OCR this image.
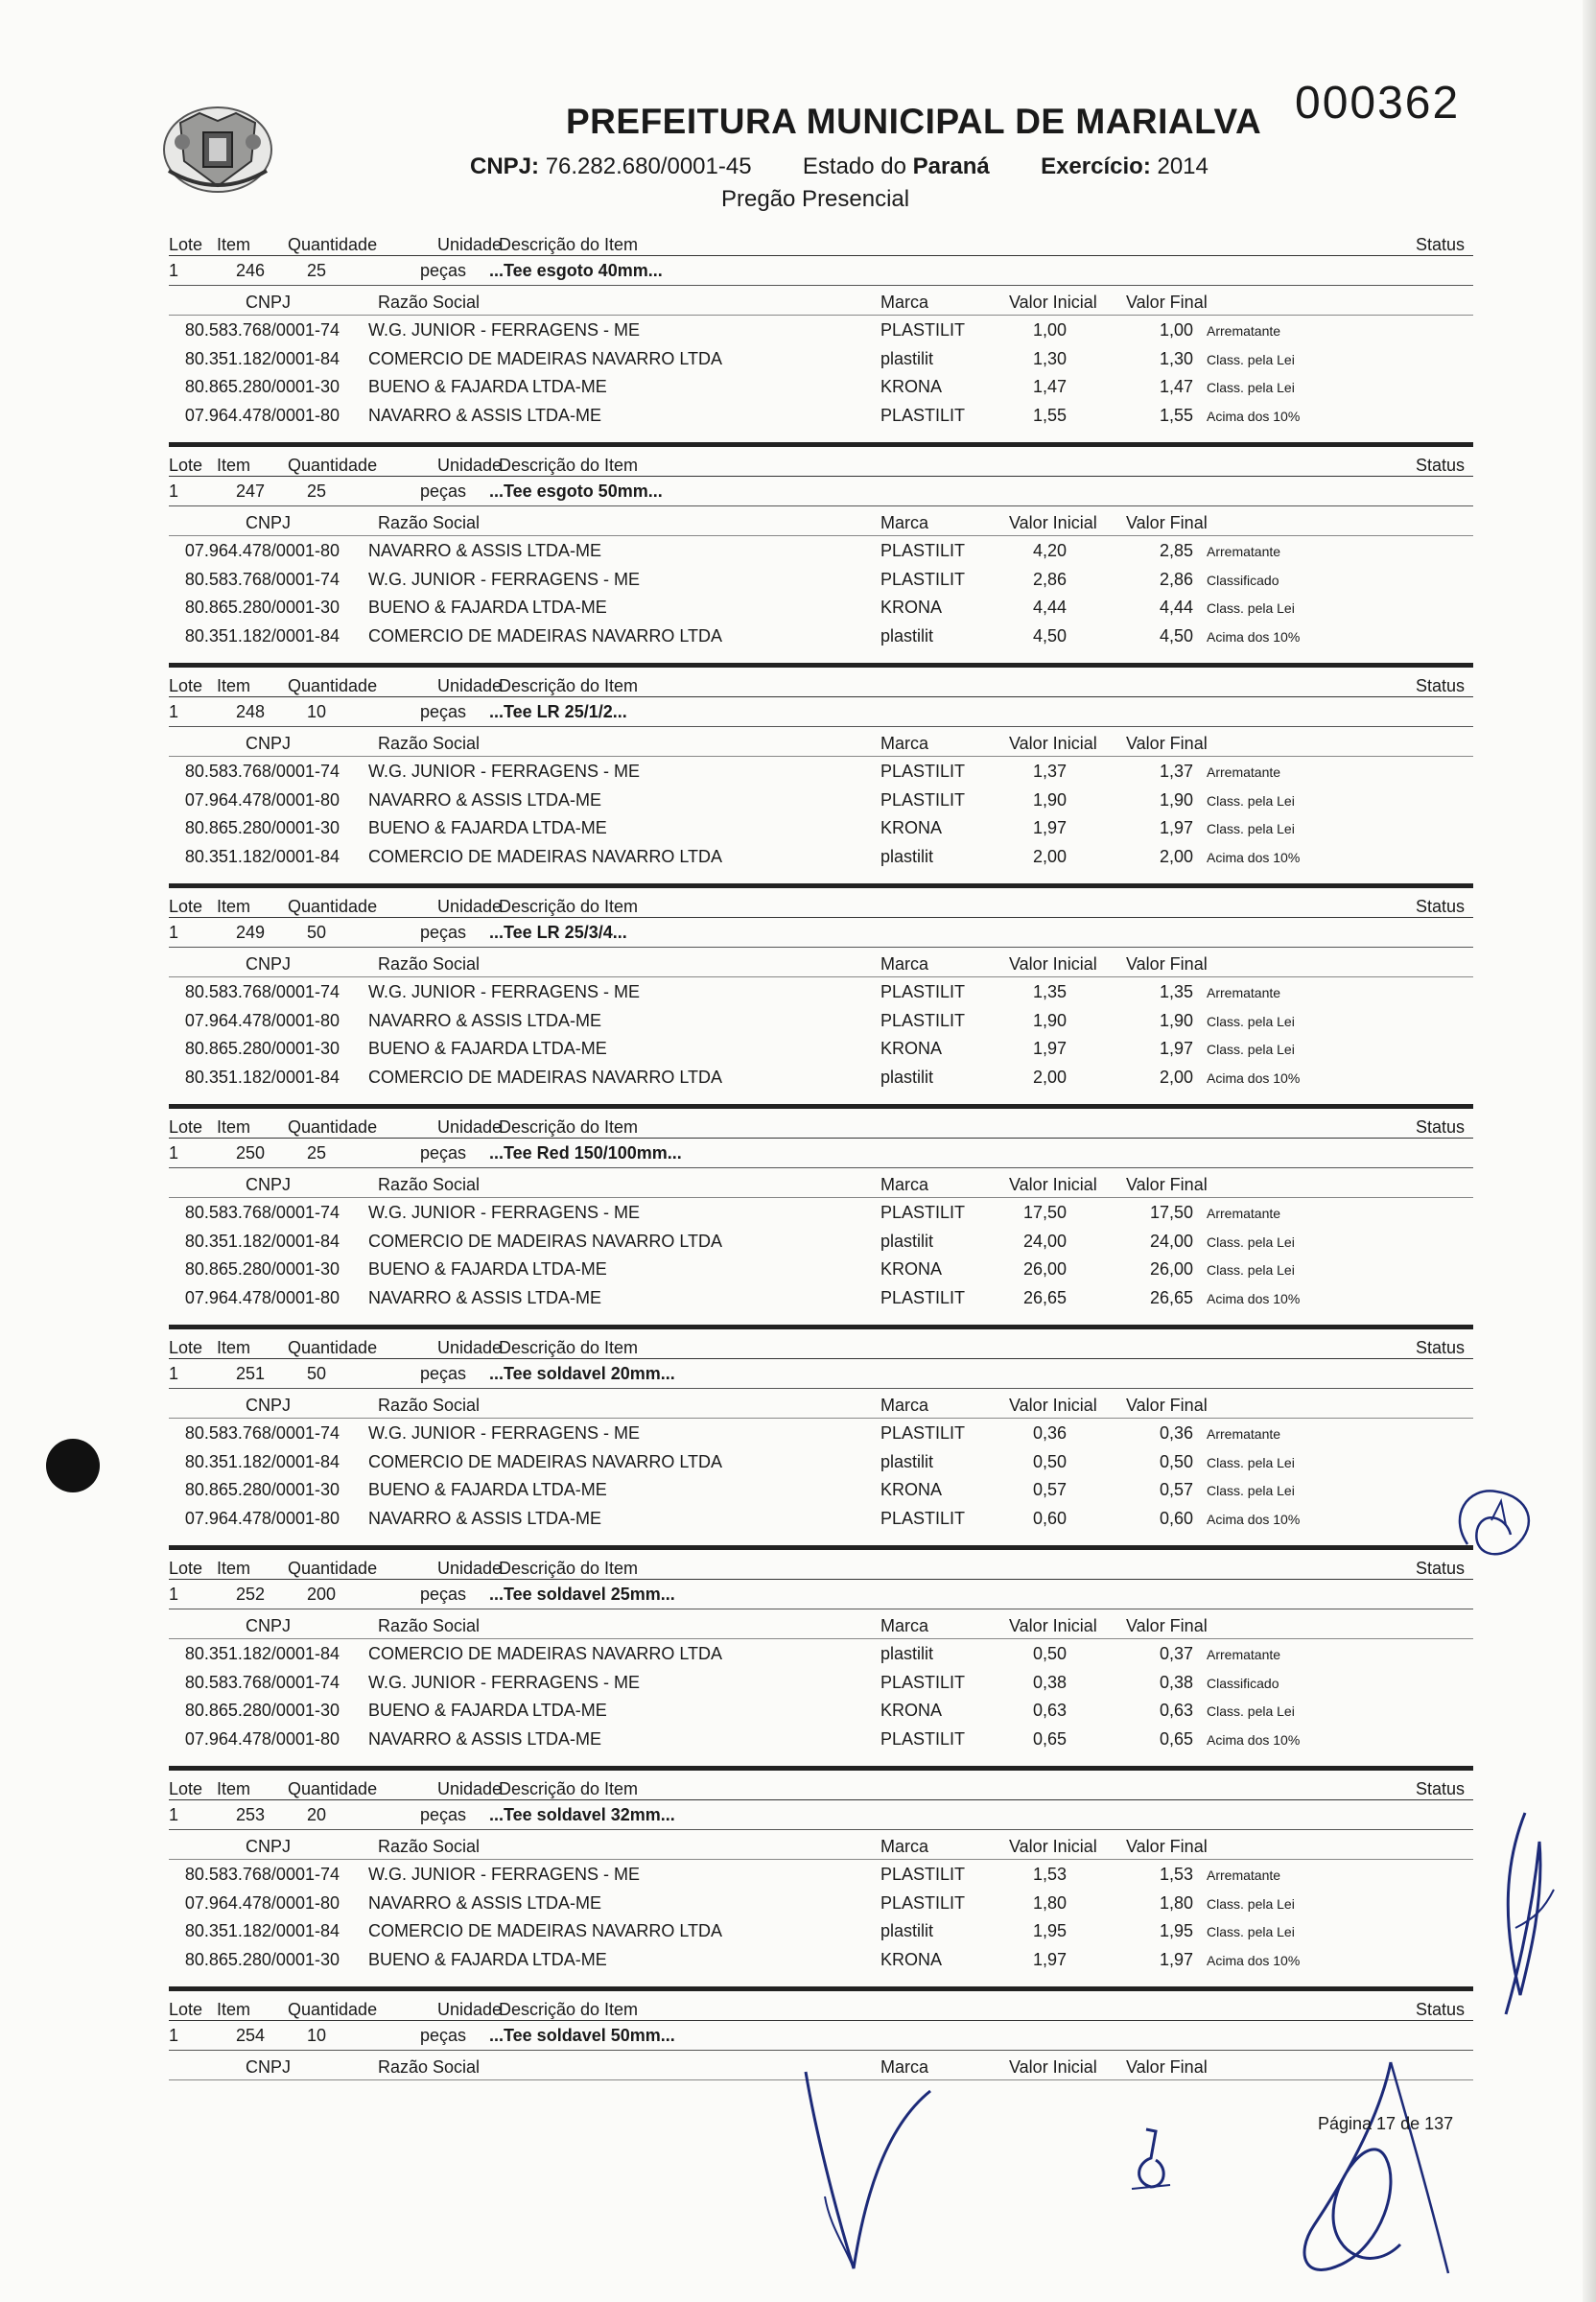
PREFEITURA MUNICIPAL DE MARIALVA
CNPJ: 76.282.680/0001-45 Estado do Paraná Exercício: 2014
Pregão Presencial
000362
Lote Item Quantidade	Unidade
Descrição do Item	Status
1	246 25	peças ...Tee esgoto 40mm...
CNPJ	Razão Social	Marca	Valor Inicial Valor Final
80.583.768/0001-74 W.G. JUNIOR - FERRAGENS - ME	PLASTILIT	1,00	1,00 Arrematante
80.351.182/0001-84 COMERCIO DE MADEIRAS NAVARRO LTDA	plastilit	1,30	1,30 Class. pela Lei
80.865.280/0001-30 BUENO & FAJARDA LTDA-ME	KRONA	1,47	1,47 Class. pela Lei
07.964.478/0001-80 NAVARRO & ASSIS LTDA-ME	PLASTILIT	1,55	1,55 Acima dos 10%
Lote Item Quantidade	Unidade
Descrição do Item	Status
1	247 25	peças ...Tee esgoto 50mm...
CNPJ	Razão Social	Marca	Valor Inicial Valor Final
07.964.478/0001-80 NAVARRO & ASSIS LTDA-ME	PLASTILIT	4,20	2,85 Arrematante
80.583.768/0001-74 W.G. JUNIOR - FERRAGENS - ME	PLASTILIT	2,86	2,86 Classificado
80.865.280/0001-30 BUENO & FAJARDA LTDA-ME	KRONA	4,44	4,44 Class. pela Lei
80.351.182/0001-84 COMERCIO DE MADEIRAS NAVARRO LTDA	plastilit	4,50	4,50 Acima dos 10%
Lote Item Quantidade	Unidade
Descrição do Item	Status
1	248 10	peças ...Tee LR 25/1/2...
CNPJ	Razão Social	Marca	Valor Inicial Valor Final
80.583.768/0001-74 W.G. JUNIOR - FERRAGENS - ME	PLASTILIT	1,37	1,37 Arrematante
07.964.478/0001-80 NAVARRO & ASSIS LTDA-ME	PLASTILIT	1,90	1,90 Class. pela Lei
80.865.280/0001-30 BUENO & FAJARDA LTDA-ME	KRONA	1,97	1,97 Class. pela Lei
80.351.182/0001-84 COMERCIO DE MADEIRAS NAVARRO LTDA	plastilit	2,00	2,00 Acima dos 10%
Lote Item Quantidade	Unidade
Descrição do Item	Status
1	249 50	peças ...Tee LR 25/3/4...
CNPJ	Razão Social	Marca	Valor Inicial Valor Final
80.583.768/0001-74 W.G. JUNIOR - FERRAGENS - ME	PLASTILIT	1,35	1,35 Arrematante
07.964.478/0001-80 NAVARRO & ASSIS LTDA-ME	PLASTILIT	1,90	1,90 Class. pela Lei
80.865.280/0001-30 BUENO & FAJARDA LTDA-ME	KRONA	1,97	1,97 Class. pela Lei
80.351.182/0001-84 COMERCIO DE MADEIRAS NAVARRO LTDA	plastilit	2,00	2,00 Acima dos 10%
Lote Item Quantidade	Unidade
Descrição do Item	Status
1	250 25	peças ...Tee Red 150/100mm...
CNPJ	Razão Social	Marca	Valor Inicial Valor Final
80.583.768/0001-74 W.G. JUNIOR - FERRAGENS - ME	PLASTILIT	17,50	17,50 Arrematante
80.351.182/0001-84 COMERCIO DE MADEIRAS NAVARRO LTDA	plastilit	24,00	24,00 Class. pela Lei
80.865.280/0001-30 BUENO & FAJARDA LTDA-ME	KRONA	26,00	26,00 Class. pela Lei
07.964.478/0001-80 NAVARRO & ASSIS LTDA-ME	PLASTILIT	26,65	26,65 Acima dos 10%
Lote Item Quantidade	Unidade
Descrição do Item	Status
1	251 50	peças ...Tee soldavel 20mm...
CNPJ	Razão Social	Marca	Valor Inicial Valor Final
80.583.768/0001-74 W.G. JUNIOR - FERRAGENS - ME	PLASTILIT	0,36	0,36 Arrematante
80.351.182/0001-84 COMERCIO DE MADEIRAS NAVARRO LTDA	plastilit	0,50	0,50 Class. pela Lei
80.865.280/0001-30 BUENO & FAJARDA LTDA-ME	KRONA	0,57	0,57 Class. pela Lei
07.964.478/0001-80 NAVARRO & ASSIS LTDA-ME	PLASTILIT	0,60	0,60 Acima dos 10%
Lote Item Quantidade	Unidade
Descrição do Item	Status
1	252 200	peças ...Tee soldavel 25mm...
CNPJ	Razão Social	Marca	Valor Inicial Valor Final
80.351.182/0001-84 COMERCIO DE MADEIRAS NAVARRO LTDA	plastilit	0,50	0,37 Arrematante
80.583.768/0001-74 W.G. JUNIOR - FERRAGENS - ME	PLASTILIT	0,38	0,38 Classificado
80.865.280/0001-30 BUENO & FAJARDA LTDA-ME	KRONA	0,63	0,63 Class. pela Lei
07.964.478/0001-80 NAVARRO & ASSIS LTDA-ME	PLASTILIT	0,65	0,65 Acima dos 10%
Lote Item Quantidade	Unidade
Descrição do Item	Status
1	253 20	peças ...Tee soldavel 32mm...
CNPJ	Razão Social	Marca	Valor Inicial Valor Final
80.583.768/0001-74 W.G. JUNIOR - FERRAGENS - ME	PLASTILIT	1,53	1,53 Arrematante
07.964.478/0001-80 NAVARRO & ASSIS LTDA-ME	PLASTILIT	1,80	1,80 Class. pela Lei
80.351.182/0001-84 COMERCIO DE MADEIRAS NAVARRO LTDA	plastilit	1,95	1,95 Class. pela Lei
80.865.280/0001-30 BUENO & FAJARDA LTDA-ME	KRONA	1,97	1,97 Acima dos 10%
Lote Item Quantidade	Unidade
Descrição do Item	Status
1	254 10	peças ...Tee soldavel 50mm...
CNPJ	Razão Social	Marca	Valor Inicial Valor Final
Página 17 de 137
